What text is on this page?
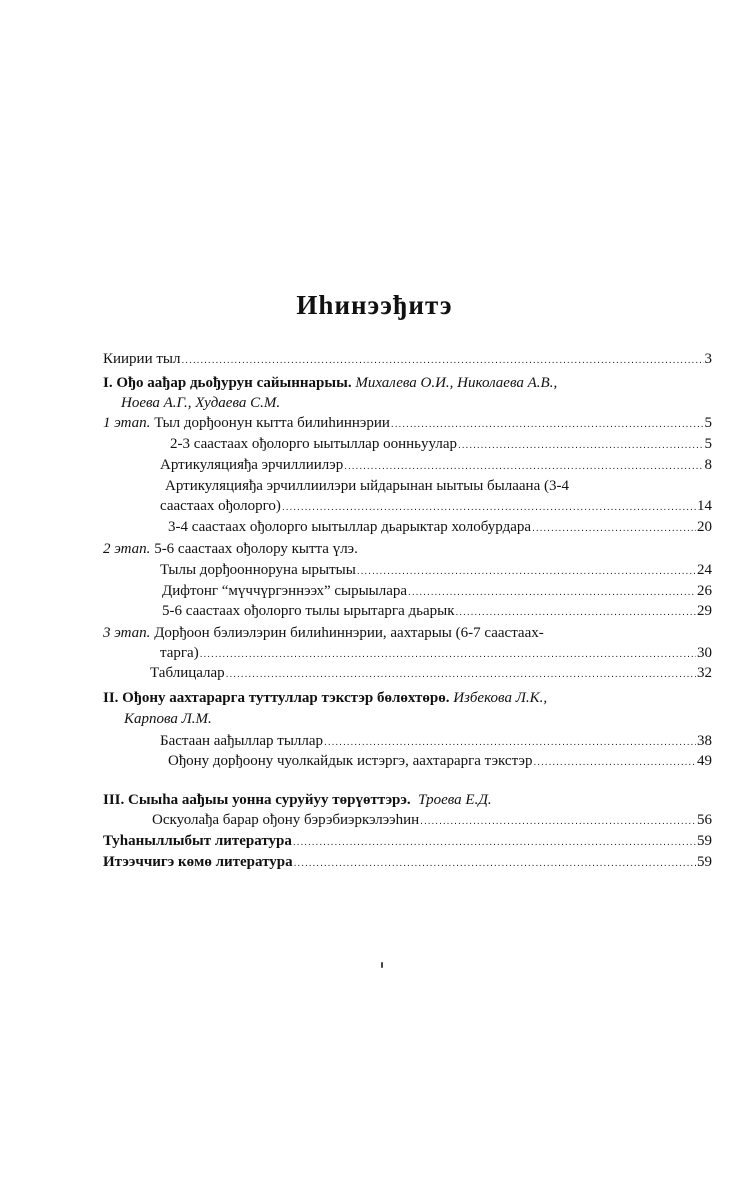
Иhинээђитэ
Киирии тыл .....	3
I. Ођо аађар дьођурун сайыннарыы. Михалева О.И., Николаева А.В.,
Ноева А.Г., Худаева С.М.
1 этап. Тыл дорђоонун кытта билиhиннэрии .....	5
2-3 саастаах ођолорго ыытыллар оонньуулар .....	5
Артикуляцияђа эрчиллиилэр .....	8
Артикуляцияђа эрчиллиилэри ыйдарынан ыытыы былаана (3-4
саастаах ођолорго) .....	14
3-4 саастаах ођолорго ыытыллар дьарыктар холобурдара .....	20
2 этап. 5-6 саастаах ођолору кытта үлэ.
Тылы дорђоонноруна ырытыы .....	24
Дифтонг “мүччүргэннээх” сырыылара .....	26
5-6 саастаах ођолорго тылы ырытарга дьарык .....	29
3 этап. Дорђоон бэлиэлэрин билиhиннэрии, аахтарыы (6-7 саастаах-
тарга) .....	30
Таблицалар .....	32
II. Ођону аахтарарга туттуллар тэкстэр бөлөхтөрө. Избекова Л.К.,
Карпова Л.М.
Бастаан аађыллар тыллар .....	38
Ођону дорђоону чуолкайдык истэргэ, аахтарарга тэкстэр .....	49
III. Сыыhа аађыы уонна суруйуу төрүөттэрэ. Троева Е.Д.
Оскуолађа барар ођону бэрэбиэркэлээhин .....	56
Туhаныллыбыт литература .....	59
Итээччигэ көмө литература .....	59
